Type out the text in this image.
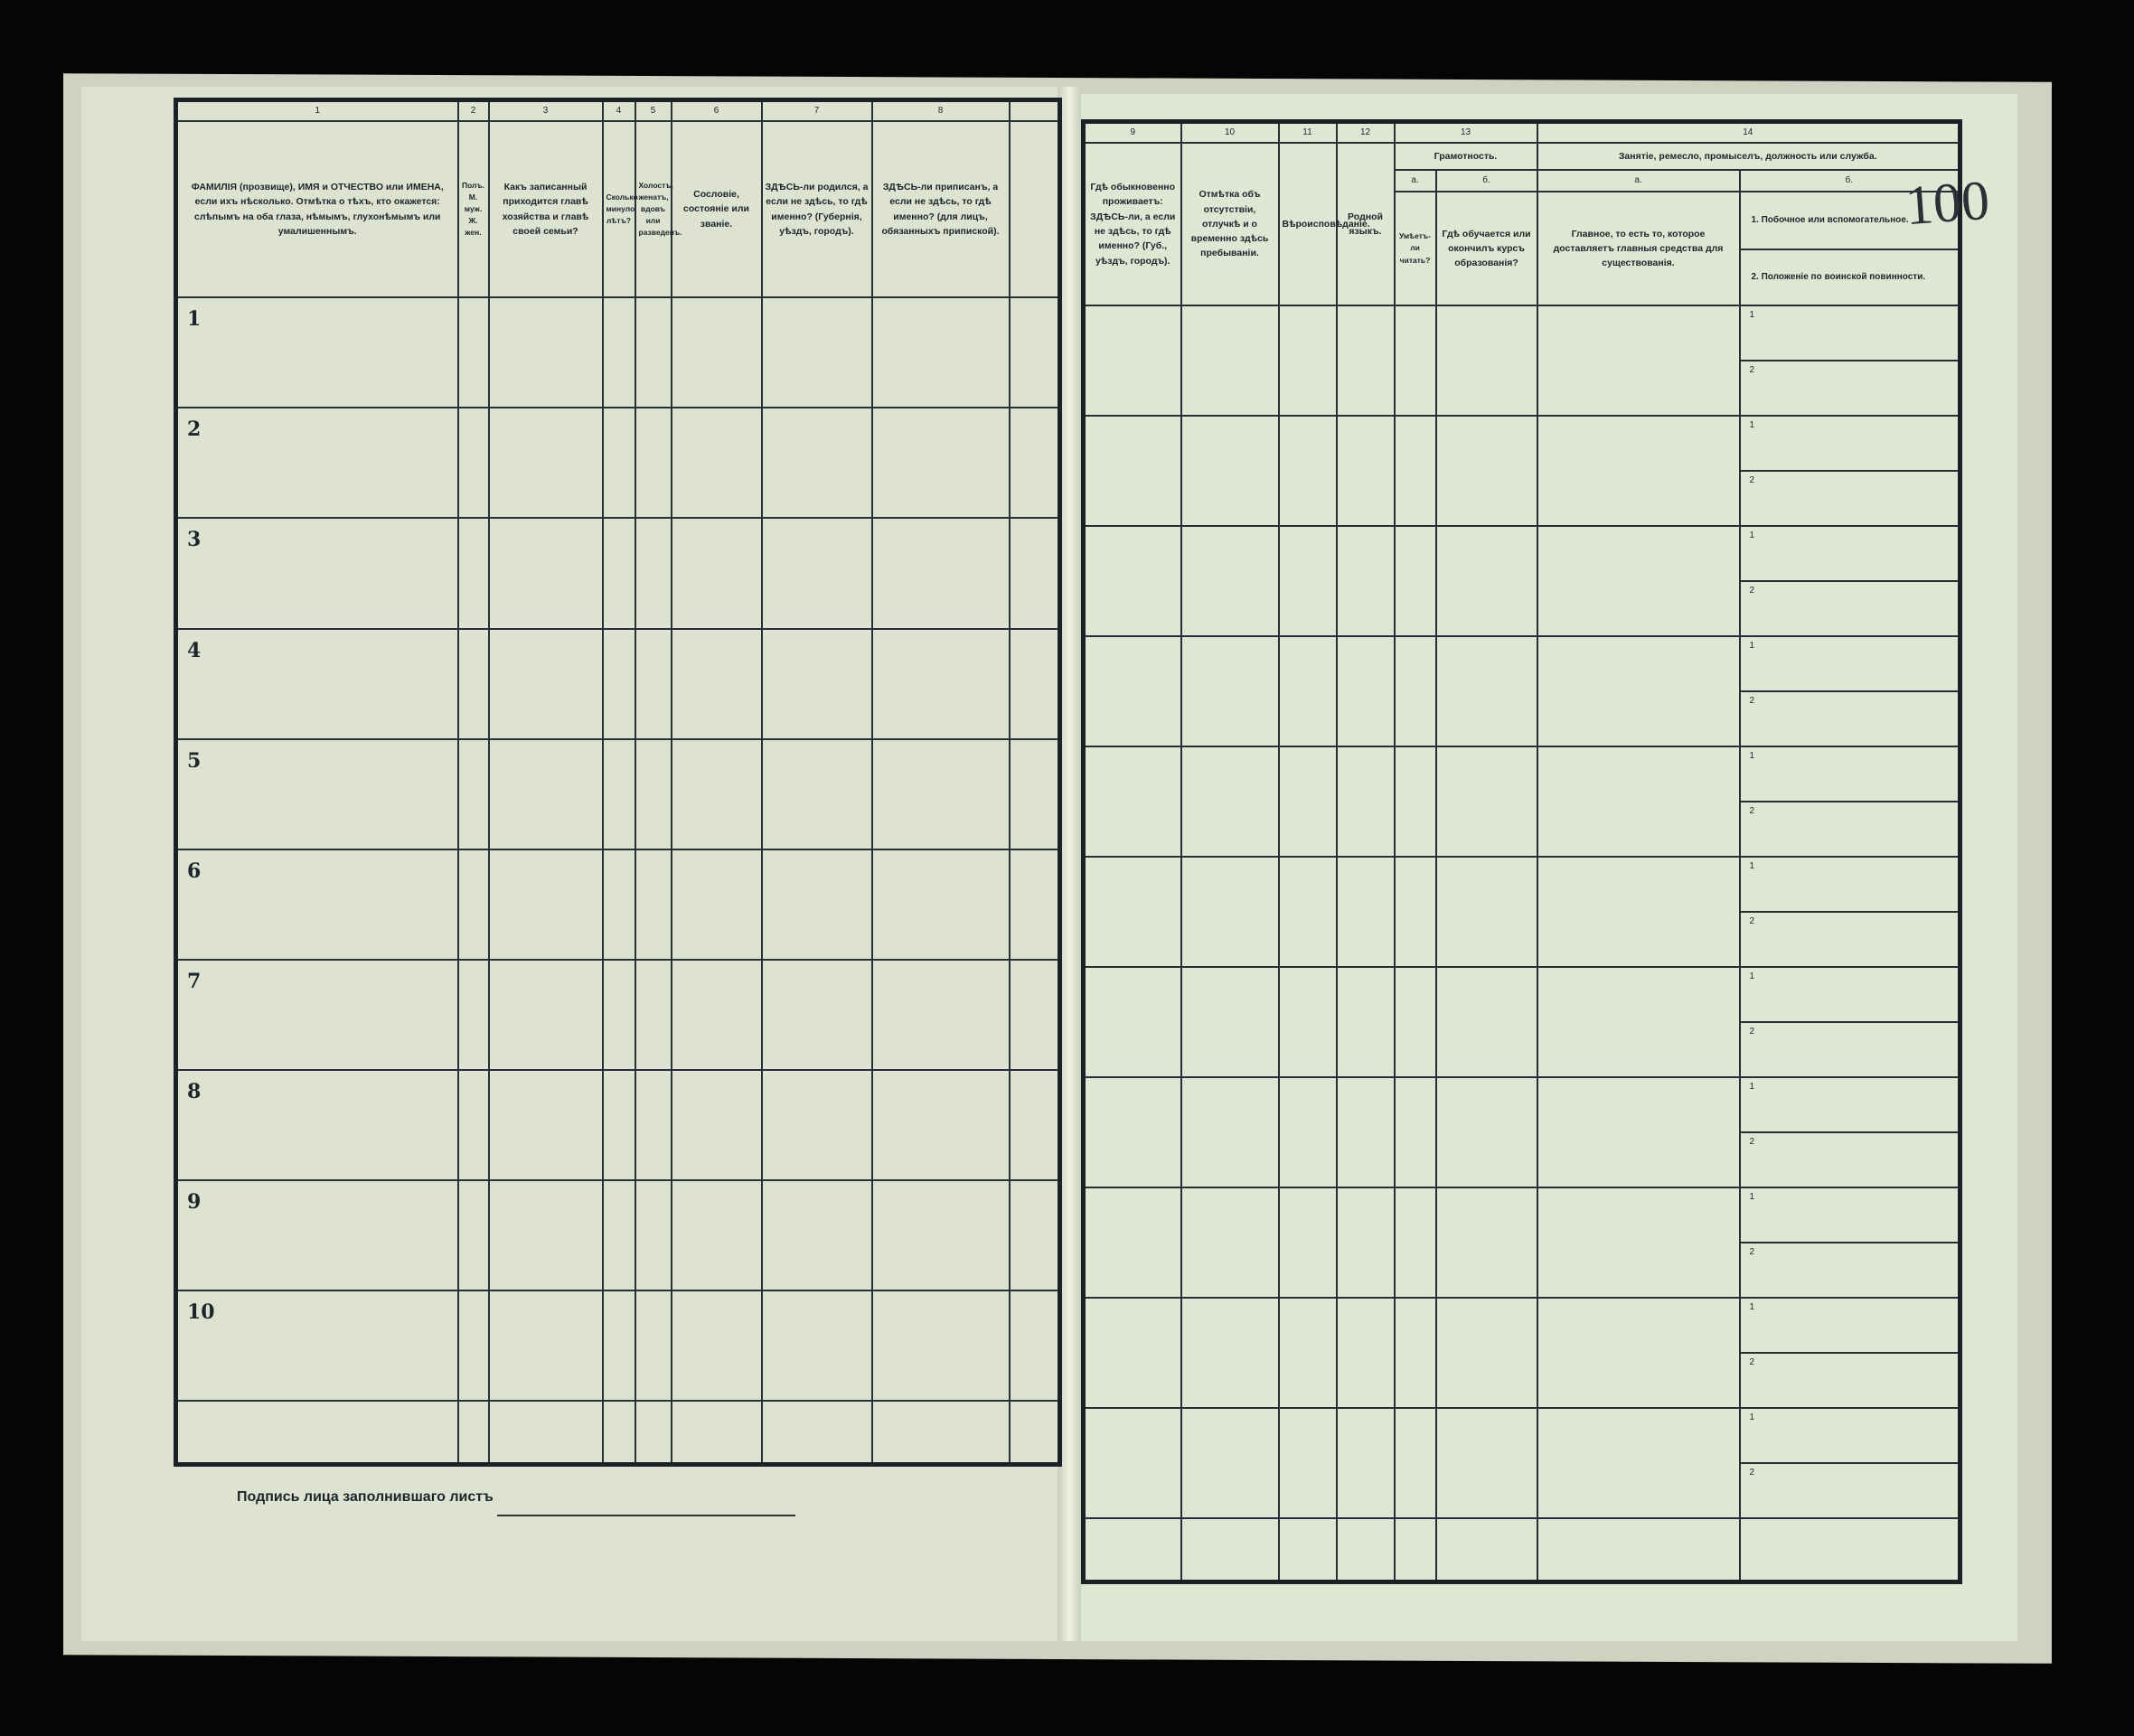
1	2	3	4	5	6	7	8	
ФАМИЛІЯ (прозвище), ИМЯ и ОТЧЕСТВО или ИМЕНА, если ихъ нѣсколько. Отмѣтка о тѣхъ, кто окажется: слѣпымъ на оба глаза, нѣмымъ, глухонѣмымъ или умалишеннымъ.	Полъ. М. муж. Ж. жен.	Какъ записанный приходится главѣ хозяйства и главѣ своей семьи?	Сколько минуло лѣтъ?	Холостъ, женатъ, вдовъ или разведенъ.	Сословіе, состояніе или званіе.	ЗДѢСЬ-ли родился, а если не здѣсь, то гдѣ именно? (Губернія, уѣздъ, городъ).	ЗДѢСЬ-ли приписанъ, а если не здѣсь, то гдѣ именно? (для лицъ, обязанныхъ припиской).	
1								
2								
3								
4								
5								
6								
7								
8								
9								
10								

9	10	11	12	13		14	
Гдѣ обыкновенно проживаетъ: ЗДѢСЬ-ли, а если не здѣсь, то гдѣ именно? (Губ., уѣздъ, городъ).	Отмѣтка объ отсутствіи, отлучкѣ и о временно здѣсь пребываніи.	Вѣроисповѣданіе.	Родной языкъ.	Грамотность.		Занятіе, ремесло, промыселъ, должность или служба.	
				а.	б.	а.	б.
				Умѣетъ-ли читать?	Гдѣ обучается или окончилъ курсъ образованія?	Главное, то есть то, которое доставляетъ главныя средства для существованія.	1. Побочное или вспомогательное.
2. Положеніе по воинской повинности.

							1
							2
							1
							2
							1
							2
							1
							2
							1
							2
							1
							2
							1
							2
							1
							2
							1
							2
							1
							2
							1
							2

100
Подпись лица заполнившаго листъ
